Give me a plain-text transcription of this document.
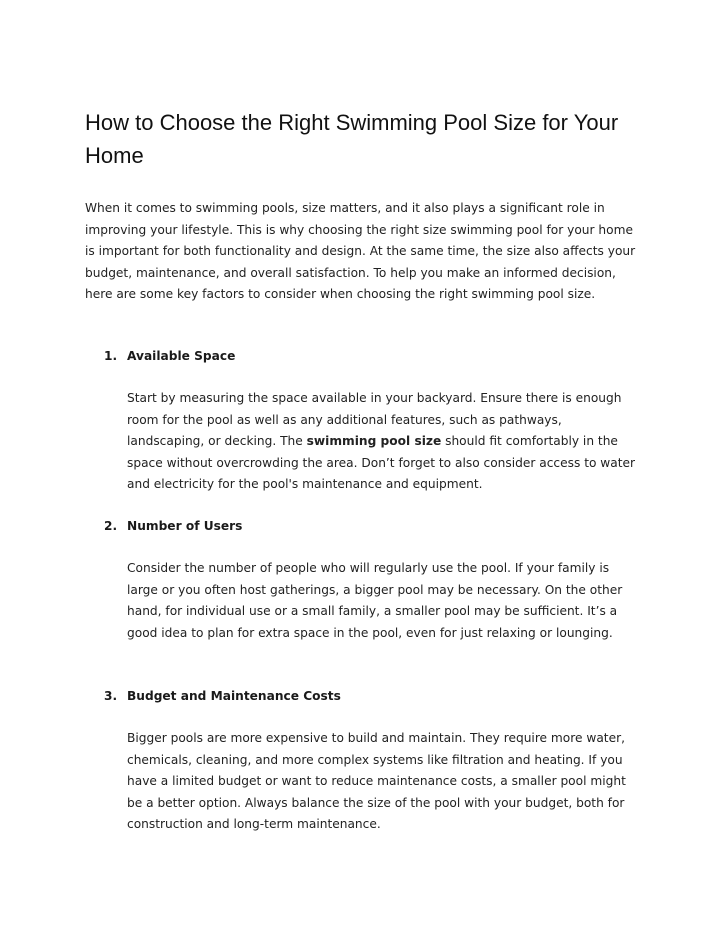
How to Choose the Right Swimming Pool Size for Your Home

When it comes to swimming pools, size matters, and it also plays a significant role in improving your lifestyle. This is why choosing the right size swimming pool for your home is important for both functionality and design. At the same time, the size also affects your budget, maintenance, and overall satisfaction. To help you make an informed decision, here are some key factors to consider when choosing the right swimming pool size.

1. Available Space

Start by measuring the space available in your backyard. Ensure there is enough room for the pool as well as any additional features, such as pathways, landscaping, or decking. The swimming pool size should fit comfortably in the space without overcrowding the area. Don’t forget to also consider access to water and electricity for the pool's maintenance and equipment.

2. Number of Users

Consider the number of people who will regularly use the pool. If your family is large or you often host gatherings, a bigger pool may be necessary. On the other hand, for individual use or a small family, a smaller pool may be sufficient. It’s a good idea to plan for extra space in the pool, even for just relaxing or lounging.

3. Budget and Maintenance Costs

Bigger pools are more expensive to build and maintain. They require more water, chemicals, cleaning, and more complex systems like filtration and heating. If you have a limited budget or want to reduce maintenance costs, a smaller pool might be a better option. Always balance the size of the pool with your budget, both for construction and long-term maintenance.
